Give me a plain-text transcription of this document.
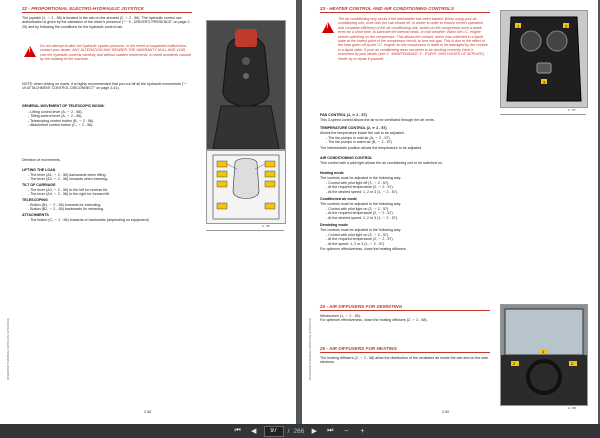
22 - PROPORTIONAL ELECTRO-HYDRAULIC JOYSTICK
The joystick (1, ☞ 2 - 56) is located in the cab on the armrest (2, ☞ 2 - 56). The hydraulic control use authorisation is given by the validation of the driver's presence ("☞ 9 - DRIVER'S PRESENCE" on page 2-20) and by following the conditions for the hydraulic control use.
!
Do not attempt to alter the hydraulic system pressure. In the event of suspected malfunction, contact your dealer. ANY ALTERATION MAY RENDER THE WARRANTY NULL AND VOID. Use the hydraulic controls carefully and without sudden movements, to avoid accidents caused by the shaking of the machine.
NOTE: when driving on roads, it is highly recommended that you cut off all the hydraulic movements ("☞ 19 ATTACHMENT CONTROL DISCONNECT" on page 2-51).
GENERAL MOVEMENT OF TELESCOPIC BOOM:
- Lifting control lever (A, ☞ 2 - 56).
- Tilting control lever (A, ☞ 2 - 56).
- Telescoping control button (B, ☞ 2 - 56).
- Attachment control button (C, ☞ 2 - 56).
Direction of movements.
LIFTING THE LOAD
- The lever (A1, ☞ 2 - 56) backwards when lifting.
- The lever (A2, ☞ 2 - 56) forwards when lowering.
TILT OF CARRIAGE
- The lever (A3, ☞ 2 - 56) to the left for reverse tilt.
- The lever (A4, ☞ 2 - 56) to the right for forward tilt.
TELESCOPING
- Button (B1, ☞ 2 - 56) forwards for extending.
- Button (B2, ☞ 2 - 56) backwards for retracting.
ATTACHMENTS
- The button (C, ☞ 2 - 56) forwards or backwards (depending on equipment).
2 - 56
OPERATOR'S MANUAL 647052 EN (17/10/2014)
2-58
23 - HEATER CONTROL AND AIR CONDITIONING CONTROLS
!
The air conditioning only works if the telehandler has been started. When using your air conditioning unit, work with the cab closed off. In winter in order to ensure correct operation and complete efficiency of the air conditioning unit, switch on the compressor once a week, even for a short time, to lubricate the internal seals. In cold weather: Warm the I.C. engine before switching on the compressor. This allows the coolant, which was collected in a liquid state at the lowest point of the compressor circuit, to turn into gas. This is due to the effect of the heat given off by the I.C. engine; so the compressor is liable to be damaged by the coolant in a liquid state. If your air conditioning does not seem to be working correctly, have it examined by your dealer (see 3 - MAINTENANCE: F - EVERY 1000 HOURS OF SERVICE). Never try to repair it yourself.
FAN CONTROL (1, ☞ 2 - 57)
This 3-speed control allows the air to be ventilated through the air vents.
TEMPERATURE CONTROL (2, ☞ 2 - 57)
Allows the temperature inside the cab to be adjusted.
- The fan pumps in cold air (A, ☞ 2 - 57).
- The fan pumps in warm air (B, ☞ 2 - 57).
The intermediate position allows the temperature to be adjusted.
AIR CONDITIONING CONTROL
This control with a pilot light allows the air conditioning unit to be switched on.
Heating mode
The controls must be adjusted in the following way:
- Control with pilot light off (3, ☞ 2 - 57).
- At the required temperature (2, ☞ 2 - 57).
- At the desired speed: 1, 2 or 3 (1, ☞ 2 - 57).
Conditioned air mode
The controls must be adjusted in the following way:
- Control with pilot light on (3, ☞ 2 - 57).
- At the required temperature (2, ☞ 2 - 57).
- At the desired speed: 1, 2 or 3 (1, ☞ 2 - 57).
Demisting mode
The controls must be adjusted in the following way:
- Control with pilot light on (3, ☞ 2 - 57).
- At the required temperature (2, ☞ 2 - 57).
- At the speed: 1, 2 or 3 (1, ☞ 2 - 57).
For optimum effectiveness, close the heating diffusers.
1	2
3
2 - 57
24 - AIR DIFFUSERS FOR DEMISTING
Windscreen (1, ☞ 2 - 58).
For optimum effectiveness, close the heating diffusers (2, ☞ 2 - 58).
25 - AIR DIFFUSERS FOR HEATING
The heating diffusers (2, ☞ 2 - 58) allow the distribution of the ventilated air inside the cab and on the side windows.	2	2
1
2 - 58
OPERATOR'S MANUAL 647052 EN (17/10/2014)
2-60
⏮	◀
97	/ 266	▶	⏭	−	+
